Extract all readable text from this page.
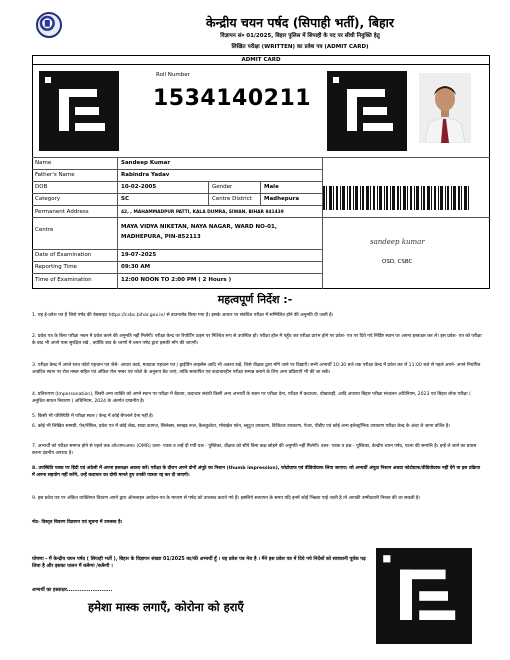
केन्द्रीय चयन पर्षद (सिपाही भर्ती), बिहार
विज्ञापन सं० 01/2025, बिहार पुलिस में सिपाही के पद पर सीधी नियुक्ति हेतु
लिखित परीक्षा (WRITTEN) का प्रवेश पत्र (ADMIT CARD)
ADMIT CARD
Roll Number
1534140211
Name	Sandeep Kumar
Father's Name	Rabindra Yadav
DOB	10-02-2005	Gender	Male
Category	SC	Centre District Madhepura
Permanent Address	42, , MAHAMMADPUR PATTI, KALA DUMRA, SIWAN, BIHAR 841439
Centre	MAYA VIDYA NIKETAN, NAYA NAGAR, WARD NO-01,
MADHEPURA, PIN-852113
Date of Examination	19-07-2025
Reporting Time	09:30 AM
Time of Examination	12:00 NOON TO 2:00 PM ( 2 Hours )
sandeep kumar
OSD, CSBC
महत्वपूर्ण निर्देश :-
1. यह ई-प्रवेश पत्र है जिसे पर्षद की वेबसाइट https://csbc.bihar.gov.in/ से डाउनलोड किया गया है। इसके आधार पर संबंधित परीक्षा में सम्मिलित होने की अनुमति दी जाती है।
2. प्रवेश पत्र के बिना परीक्षा भवन में प्रवेश करने की अनुमति नहीं मिलेगी। परीक्षा केन्द्र पर रिपोर्टिंग टाइम पर निश्चित रूप से उपस्थित हों। परीक्षा हॉल में पहुँच कर परीक्षा प्रारंभ होने पर प्रवेश- पत्र पर दिये गये निर्दिष्ट स्थान पर अपना हस्ताक्षर कर लें। इस प्रवेश- पत्र को परीक्षा के बाद भी अपने पास सुरक्षित रखें , क्योंकि बाद के चरणों में चयन पर्षद द्वारा इसकी माँग की जाएगी।
3. परीक्षा केन्द्र में अपने साथ फोटो पहचान पत्र जैसे- आधार कार्ड, मतदाता पहचान पत्र / ड्राईविंग लाइसेंस आदि भी अवश्य रखें, जिसे वीक्षक द्वारा माँगे जाने पर दिखाएँ। सभी अभ्यर्थी 10:30 बजे तक परीक्षा केन्द्र में प्रवेश कर लें 11:00 बजे से पहले अपने- अपने निर्धारित आवंटित स्थान पर रोल नम्बर सहित एवं अंकित रोल नम्बर एवं फोटो के अनुरूप बैठ जाएं, ताकि सत्यापित एवं कदाचारहीन परीक्षा सम्पन्न कराने के लिए अन्य प्रक्रियाएँ भी की जा सकें।
4. प्रतिरूपण (Impersonation), किसी अन्य व्यक्ति को अपने स्थान पर परीक्षा में बैठाना, कदाचार संबंधी किसी अन्य अभ्यर्थी के स्थान पर परीक्षा देना, परीक्षा में कदाचार, धोखाधड़ी, आदि अपराध बिहार परीक्षा संचालन अधिनियम, 2023 एवं बिहार लोक परीक्षा ( अनुचित साधन निवारण ) अधिनियम, 2024 के अंतर्गत दण्डनीय है।
5. किसी भी परिस्थिति में परीक्षा स्थल / केन्द्र में कोई बैगलाने देना नहीं है।
6. कोई भी लिखित सामग्री, पेन/पेंसिल, प्रवेश पत्र में कोई लेख, सादा कागज, सिलेबस, स्लाइड रूल, कैलकुलेटर, मोबाईल फोन, ब्लूटूथ उपकरण, डिजिटल उपकरण, पेजर, पीडीए एवं कोई अन्य इलेक्ट्रॉनिक उपकरण परीक्षा केन्द्र के अंदर ले जाना वर्जित है।
7. अभ्यर्थी को परीक्षा समाप्त होने से पहले तक ओ०एम०आर० (OMR) उत्तर- पत्रक व उन्हें दी गयी प्रश्न - पुस्तिका, वीक्षक को सौंपे बिना कक्ष छोड़ने की अनुमति नहीं मिलेगी। उत्तर- पत्रक व प्रश्न - पुस्तिका, केन्द्रीय चयन पर्षद, पटना की सम्पत्ति है। इन्हें ले जाने का प्रयास करना दंडनीय अपराध है।
8. उपस्थिति पत्रक पर हिंदी एवं अंग्रेजी में अपना हस्ताक्षर अवश्य करें। परीक्षा के दौरान अपने दोनों अंगूठे का निशान (thumb impression), फोटोग्राफ एवं वीडियोग्राफ लिया जाएगा। जो अभ्यर्थी अंगूठा निशान अथवा फोटोग्राफ/वीडियोग्राफ नहीं देंगे या इस प्रक्रिया में अपना सहयोग नहीं करेंगे, उन्हें कदाचार का दोषी मानते हुए उनकी पात्रता रद्द कर दी जाएगी।
9. इस प्रवेश पत्र पर अंकित व्यक्तिगत विवरण अपने द्वारा ऑनलाइन आवेदन-पत्र के माध्यम से पर्षद को उपलब्ध कराये गये हैं। इसलिये सत्यापन के समय यदि इनमें कोई भिन्नता पाई जाती है तो आपकी उम्मीदवारी निरस्त की जा सकती है।
नोट- विस्तृत विवरण विज्ञापन एवं सूचना में उपलब्ध है।
घोषणा - मैं केन्द्रीय चयन पर्षद ( सिपाही भर्ती ), बिहार के विज्ञापन संख्या 01/2025 का/की अभ्यर्थी हूँ । यह प्रवेश पत्र मेरा है । मैंने इस प्रवेश पत्र में दिये गये निर्देशों को सावधानी पूर्वक पढ़ लिया है और इसका पालन मैं करूँगा /करूँगी ।
अभ्यर्थी का हस्ताक्षर.........................
हमेशा मास्क लगाएँ, कोरोना को हराएँ
